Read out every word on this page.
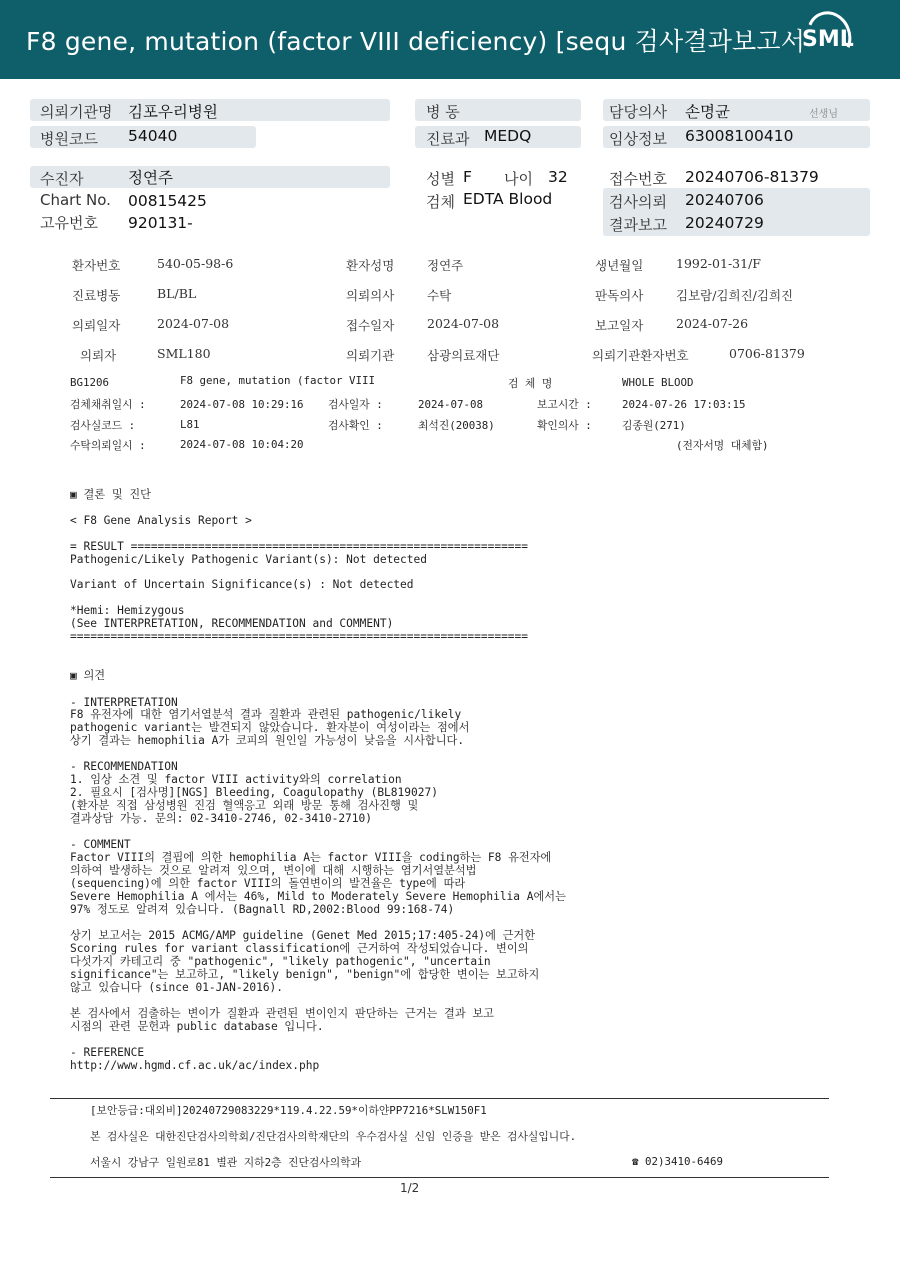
F8 gene, mutation (factor VIII deficiency) [sequ 검사결과보고서
SML
의뢰기관명 김포우리병원
병원코드 54040
수진자	정연주
Chart No. 00815425
고유번호 920131-
병 동
진료과 MEDQ
성별 F 나이 32
검체 EDTA Blood
담당의사 손명균	선생님
임상정보 63008100410
접수번호 20240706-81379
검사의뢰 20240706
결과보고 20240729
환자번호	540-05-98-6	환자성명	정연주	생년월일	1992-01-31/F
진료병동	BL/BL	의뢰의사	수탁	판독의사	김보람/김희진/김희진
의뢰일자	2024-07-08	접수일자	2024-07-08	보고일자	2024-07-26
의뢰자	SML180	의뢰기관	삼광의료재단	의뢰기관환자번호	0706-81379
BG1206	F8 gene, mutation (factor VIII	검 체 명	WHOLE BLOOD
검체채취일시 :	2024-07-08 10:29:16 검사일자 :	2024-07-08	보고시간 :	2024-07-26 17:03:15
검사실코드 :	L81	검사확인 :	최석진(20038)	확인의사 :	김종원(271)
수탁의뢰일시 :	2024-07-08 10:04:20	(전자서명 대체함)
▣ 결론 및 진단
< F8 Gene Analysis Report >
= RESULT ===========================================================
Pathogenic/Likely Pathogenic Variant(s): Not detected
Variant of Uncertain Significance(s) : Not detected
*Hemi: Hemizygous
(See INTERPRETATION, RECOMMENDATION and COMMENT)
====================================================================
▣ 의견
- INTERPRETATION
F8 유전자에 대한 염기서열분석 결과 질환과 관련된 pathogenic/likely
pathogenic variant는 발견되지 않았습니다. 환자분이 여성이라는 점에서
상기 결과는 hemophilia A가 코피의 원인일 가능성이 낮음을 시사합니다.
- RECOMMENDATION
1. 임상 소견 및 factor VIII activity와의 correlation
2. 필요시 [검사명][NGS] Bleeding, Coagulopathy (BL819027)
(환자분 직접 삼성병원 진검 혈액응고 외래 방문 통해 검사진행 및
결과상담 가능. 문의: 02-3410-2746, 02-3410-2710)
- COMMENT
Factor VIII의 결핍에 의한 hemophilia A는 factor VIII을 coding하는 F8 유전자에
의하여 발생하는 것으로 알려져 있으며, 변이에 대해 시행하는 염기서열분석법
(sequencing)에 의한 factor VIII의 돌연변이의 발견율은 type에 따라
Severe Hemophilia A 에서는 46%, Mild to Moderately Severe Hemophilia A에서는
97% 정도로 알려져 있습니다. (Bagnall RD,2002:Blood 99:168-74)
상기 보고서는 2015 ACMG/AMP guideline (Genet Med 2015;17:405-24)에 근거한
Scoring rules for variant classification에 근거하여 작성되었습니다. 변이의
다섯가지 카테고리 중 "pathogenic", "likely pathogenic", "uncertain
significance"는 보고하고, "likely benign", "benign"에 합당한 변이는 보고하지
않고 있습니다 (since 01-JAN-2016).
본 검사에서 검출하는 변이가 질환과 관련된 변이인지 판단하는 근거는 결과 보고
시점의 관련 문헌과 public database 입니다.
- REFERENCE
http://www.hgmd.cf.ac.uk/ac/index.php
[보안등급:대외비]20240729083229*119.4.22.59*이하얀PP7216*SLW150F1
본 검사실은 대한진단검사의학회/진단검사의학재단의 우수검사실 신임 인증을 받은 검사실입니다.
서울시 강남구 일원로81 별관 지하2층 진단검사의학과	☎ 02)3410-6469
1/2
